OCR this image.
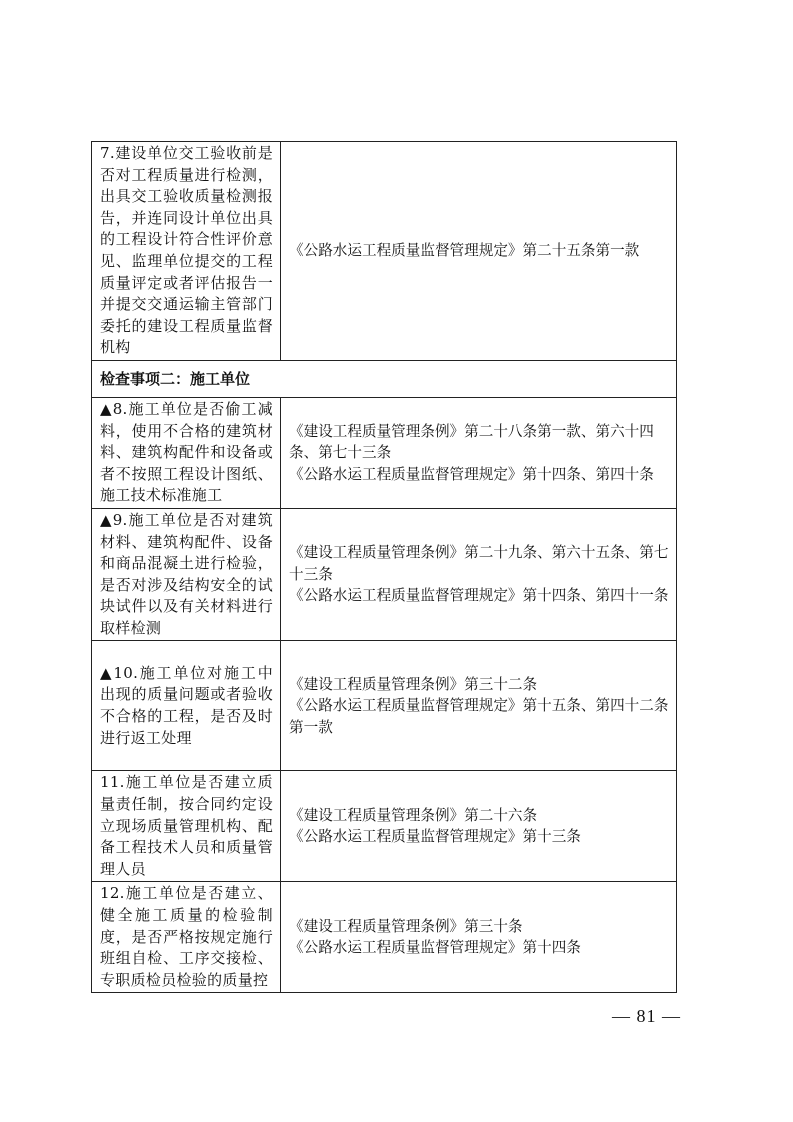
7.建设单位交工验收前是否对工程质量进行检测，出具交工验收质量检测报告，并连同设计单位出具的工程设计符合性评价意见、监理单位提交的工程质量评定或者评估报告一并提交交通运输主管部门委托的建设工程质量监督机构	《公路水运工程质量监督管理规定》第二十五条第一款

检查事项二：施工单位	
▲8.施工单位是否偷工减料，使用不合格的建筑材料、建筑构配件和设备或者不按照工程设计图纸、施工技术标准施工	《建设工程质量管理条例》第二十八条第一款、第六十四条、第七十三条
《公路水运工程质量监督管理规定》第十四条、第四十条

▲9.施工单位是否对建筑材料、建筑构配件、设备和商品混凝土进行检验，是否对涉及结构安全的试块试件以及有关材料进行取样检测	《建设工程质量管理条例》第二十九条、第六十五条、第七十三条
《公路水运工程质量监督管理规定》第十四条、第四十一条

▲10.施工单位对施工中出现的质量问题或者验收不合格的工程，是否及时进行返工处理	《建设工程质量管理条例》第三十二条
《公路水运工程质量监督管理规定》第十五条、第四十二条第一款

11.施工单位是否建立质量责任制，按合同约定设立现场质量管理机构、配备工程技术人员和质量管理人员	《建设工程质量管理条例》第二十六条
《公路水运工程质量监督管理规定》第十三条

12.施工单位是否建立、健全施工质量的检验制度，是否严格按规定施行班组自检、工序交接检、专职质检员检验的质量控	《建设工程质量管理条例》第三十条
《公路水运工程质量监督管理规定》第十四条
— 81 —
